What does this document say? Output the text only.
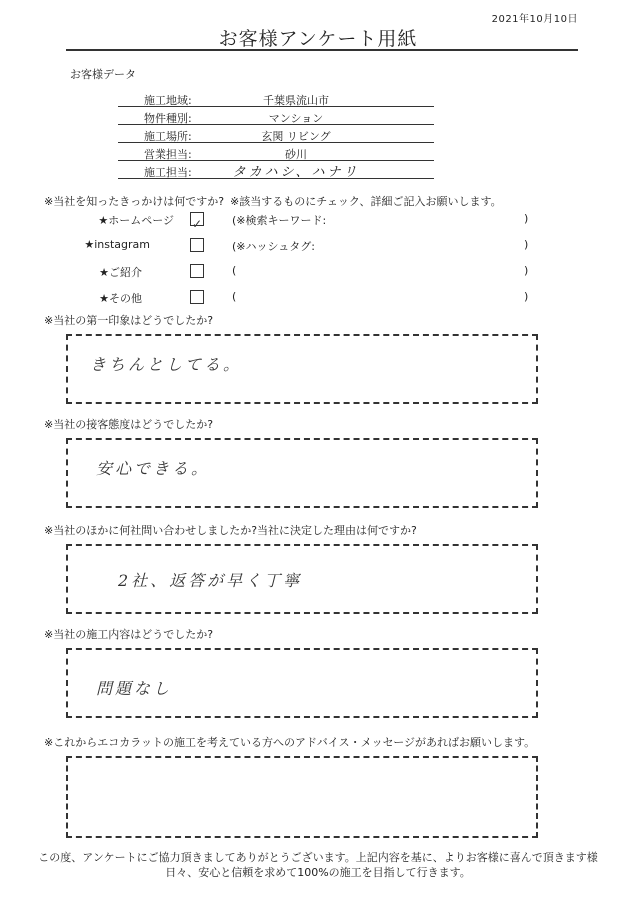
2021年10月10日
お客様アンケート用紙
お客様データ
施工地域:	千葉県流山市
物件種別:	マンション
施工場所:	玄関 リビング
営業担当:	砂川
施工担当:	タカハシ、ハナリ
※当社を知ったきっかけは何ですか? ※該当するものにチェック、詳細ご記入お願いします。
★ホームページ ✓	(※検索キーワード:	)
★instagram	(※ハッシュタグ:	)
★ご紹介	(	)
★その他	(	)
※当社の第一印象はどうでしたか?
きちんとしてる。
※当社の接客態度はどうでしたか?
安心できる。
※当社のほかに何社問い合わせしましたか?当社に決定した理由は何ですか?
2社、返答が早く丁寧
※当社の施工内容はどうでしたか?
問題なし
※これからエコカラットの施工を考えている方へのアドバイス・メッセージがあればお願いします。
この度、アンケートにご協力頂きましてありがとうございます。上記内容を基に、よりお客様に喜んで頂きます様
日々、安心と信頼を求めて100%の施工を目指して行きます。
